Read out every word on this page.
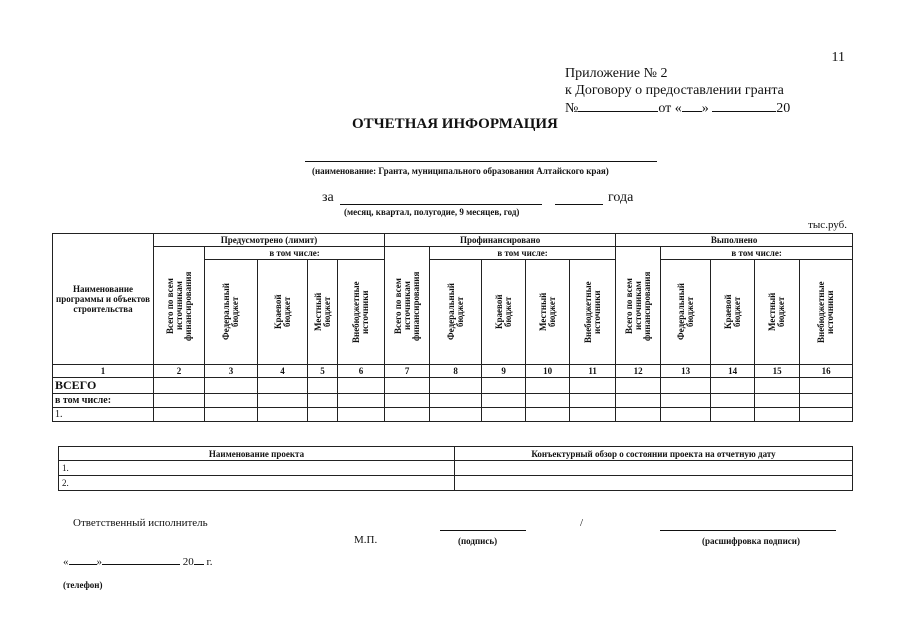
11
Приложение № 2
к Договору о предоставлении гранта
№	от « »	20
ОТЧЕТНАЯ ИНФОРМАЦИЯ
(наименование: Гранта, муниципального образования Алтайского края)
за	года
(месяц, квартал, полугодие, 9 месяцев, год)
тыс.руб.
Наименование программы и объектов строительства	Предусмотрено (лимит)					Профинансировано					Выполнено				

	Всего по всем источникам финансирования	в том числе:				Всего по всем источникам финансирования	в том числе:				Всего по всем источникам финансирования	в том числе:			

		Федеральный бюджет	Краевой бюджет	Местный бюджет	Внебюджетные источники		Федеральный бюджет	Краевой бюджет	Местный бюджет	Внебюджетные источники		Федеральный бюджет	Краевой бюджет	Местный бюджет	Внебюджетные источники

1	2	3	4	5	6	7	8	9	10	11	12	13	14	15	16
ВСЕГО															
в том числе:															
1.															
Наименование проекта	Конъектурный обзор о состоянии проекта на отчетную дату
1.	
2.	
Ответственный исполнитель	/
М.П.	(подпись)	(расшифровка подписи)
«	»	20 г.
(телефон)
